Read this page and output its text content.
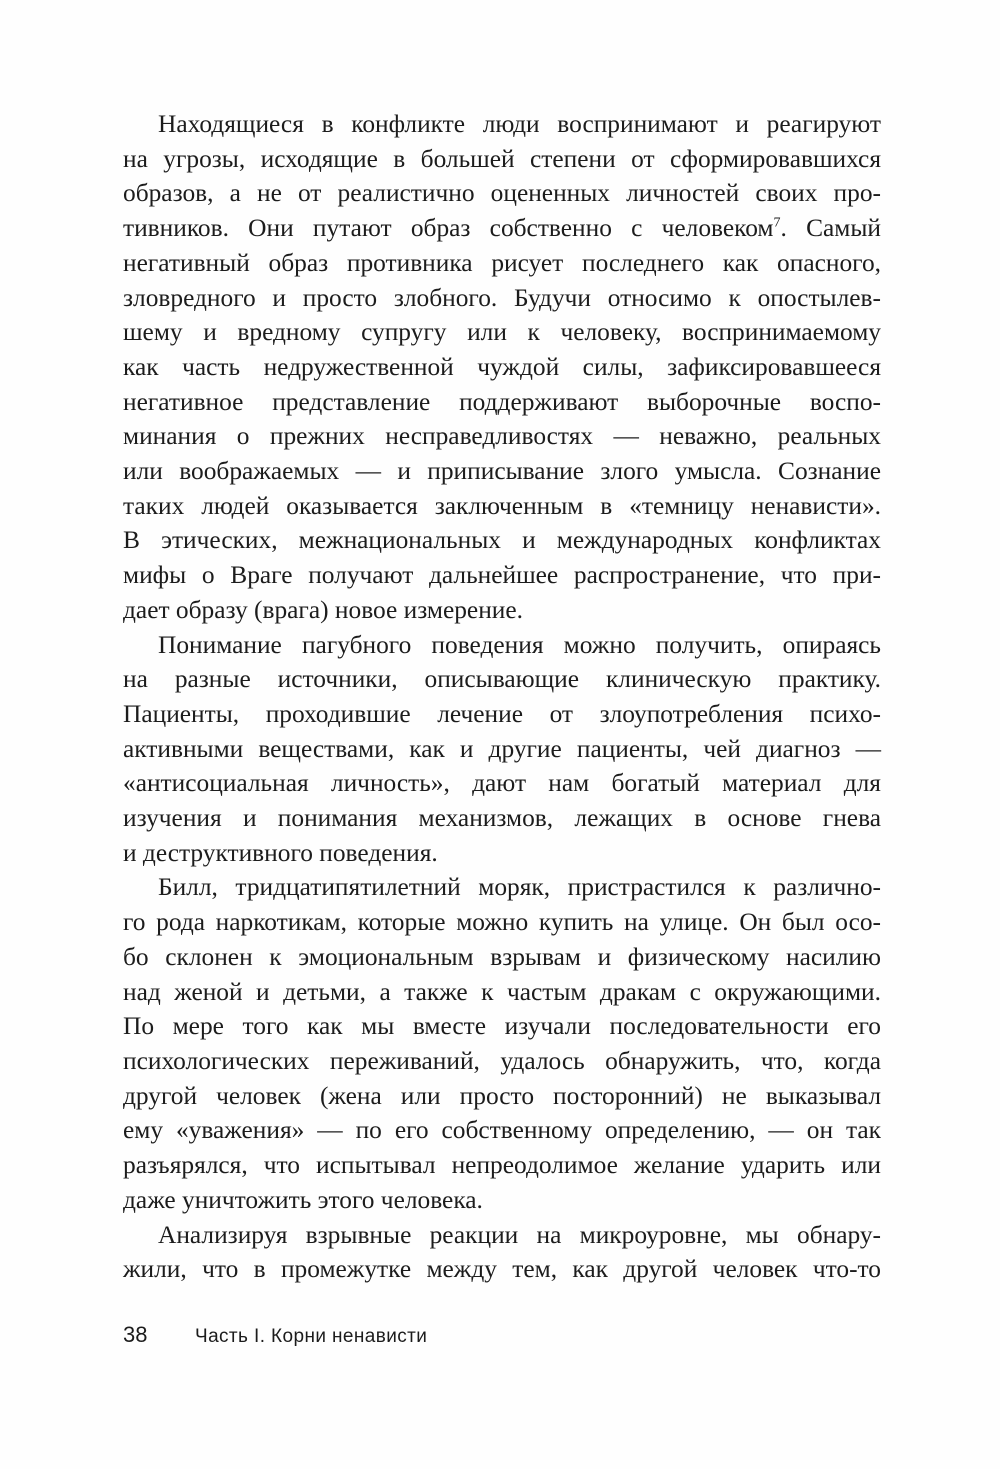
Находящиеся в конфликте люди воспринимают и реагируют
на угрозы, исходящие в большей степени от сформировавшихся
образов, а не от реалистично оцененных личностей своих про-
тивников. Они путают образ собственно с человеком$^7$. Самый
негативный образ противника рисует последнего как опасного,
зловредного и просто злобного. Будучи относимо к опостылев-
шему и вредному супругу или к человеку, воспринимаемому
как часть недружественной чуждой силы, зафиксировавшееся
негативное представление поддерживают выборочные воспо-
минания о прежних несправедливостях — неважно, реальных
или воображаемых — и приписывание злого умысла. Сознание
таких людей оказывается заключенным в «темницу ненависти».
В этических, межнациональных и международных конфликтах
мифы о Враге получают дальнейшее распространение, что при-
дает образу (врага) новое измерение.
Понимание пагубного поведения можно получить, опираясь
на разные источники, описывающие клиническую практику.
Пациенты, проходившие лечение от злоупотребления психо-
активными веществами, как и другие пациенты, чей диагноз —
«антисоциальная личность», дают нам богатый материал для
изучения и понимания механизмов, лежащих в основе гнева
и деструктивного поведения.
Билл, тридцатипятилетний моряк, пристрастился к различно-
го рода наркотикам, которые можно купить на улице. Он был осо-
бо склонен к эмоциональным взрывам и физическому насилию
над женой и детьми, а также к частым дракам с окружающими.
По мере того как мы вместе изучали последовательности его
психологических переживаний, удалось обнаружить, что, когда
другой человек (жена или просто посторонний) не выказывал
ему «уважения» — по его собственному определению, — он так
разъярялся, что испытывал непреодолимое желание ударить или
даже уничтожить этого человека.
Анализируя взрывные реакции на микроуровне, мы обнару-
жили, что в промежутке между тем, как другой человек что-то
38	Часть I. Корни ненависти
